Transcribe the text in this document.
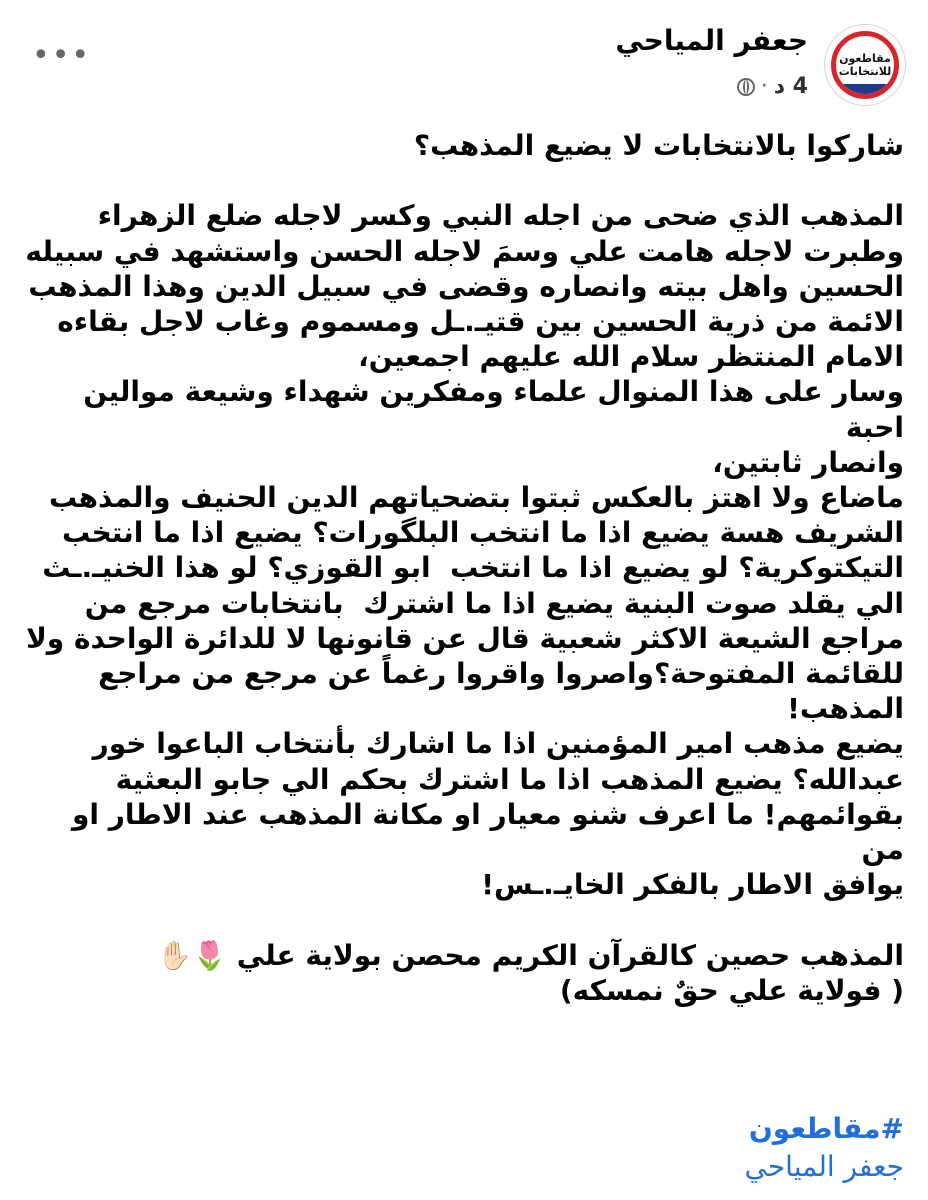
مقاطعون للانتخابات
جعفر المياحي
4 د
·
•••
شاركوا بالانتخابات لا يضيع المذهب؟

المذهب الذي ضحى من اجله النبي وكسر لاجله ضلع الزهراء
وطبرت لاجله هامت علي وسمَ لاجله الحسن واستشهد في سبيله
الحسين واهل بيته وانصاره وقضى في سبيل الدين وهذا المذهب
الائمة من ذرية الحسين بين قتيـ.ـل ومسموم وغاب لاجل بقاءه
الامام المنتظر سلام الله عليهم اجمعين،
وسار على هذا المنوال علماء ومفكرين شهداء وشيعة موالين احبة
وانصار ثابتين،
ماضاع ولا اهتز بالعكس ثبتوا بتضحياتهم الدين الحنيف والمذهب
الشريف هسة يضيع اذا ما انتخب البلگورات؟ يضيع اذا ما انتخب
التيكتوكرية؟ لو يضيع اذا ما انتخب  ابو القوزي؟ لو هذا الخنيـ.ـث
الي يقلد صوت البنية يضيع اذا ما اشترك  بانتخابات مرجع من
مراجع الشيعة الاكثر شعبية قال عن قانونها لا للدائرة الواحدة ولا
للقائمة المفتوحة؟واصروا واقروا رغماً عن مرجع من مراجع
المذهب!
يضيع مذهب امير المؤمنين اذا ما اشارك بأنتخاب الباعوا خور
عبدالله؟ يضيع المذهب اذا ما اشترك بحكم الي جابو البعثية
بقوائمهم! ما اعرف شنو معيار او مكانة المذهب عند الاطار او من
يوافق الاطار بالفكر الخايـ.ـس!

المذهب حصين كالقرآن الكريم محصن بولاية علي 🌷✋🏻
( فولاية علي حقٌ نمسكه)
#مقاطعون
جعفر المياحي
